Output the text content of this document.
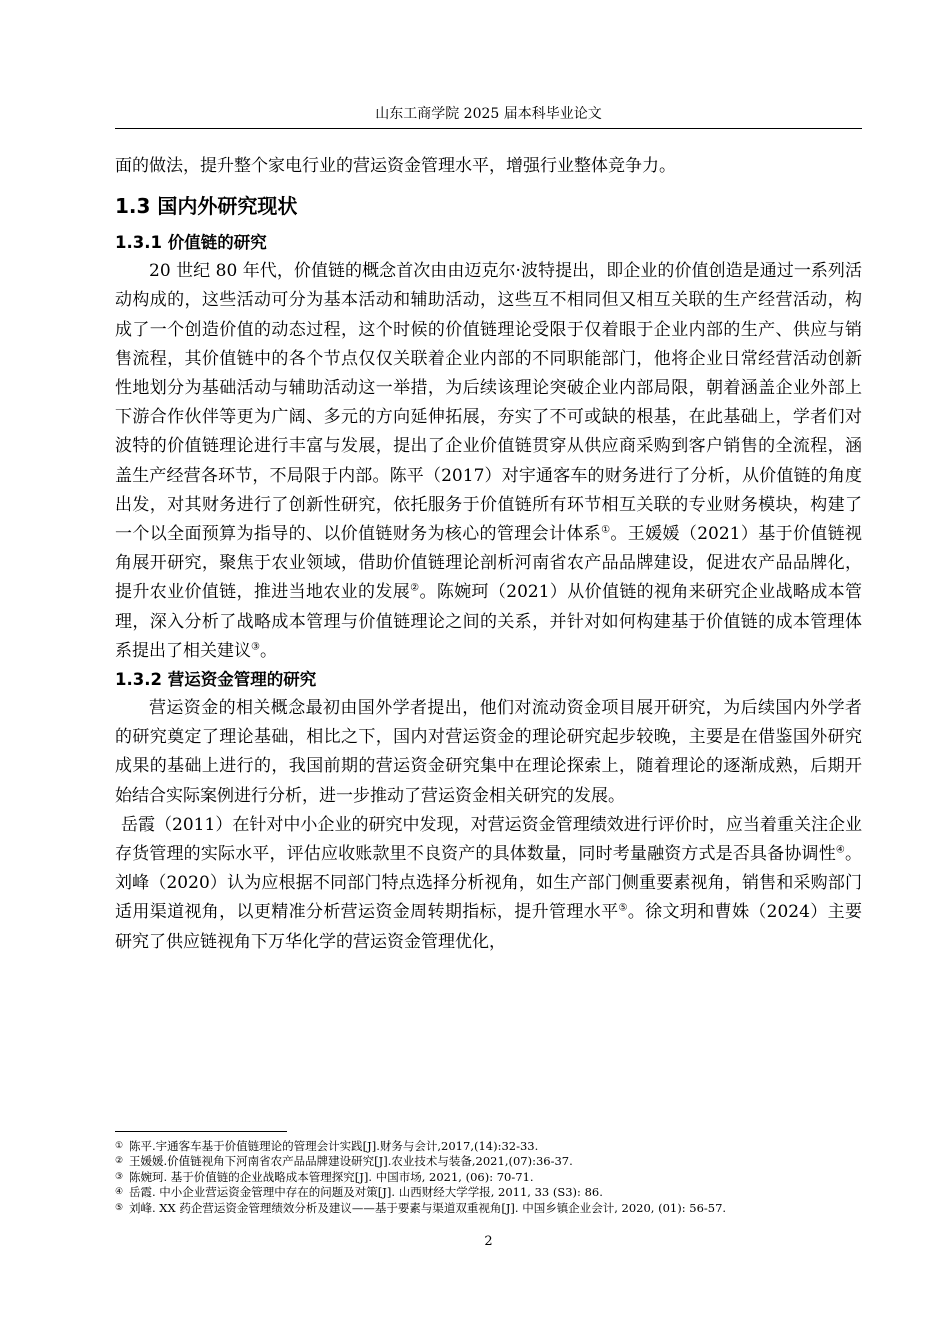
山东工商学院 2025 届本科毕业论文

面的做法，提升整个家电行业的营运资金管理水平，增强行业整体竞争力。

1.3 国内外研究现状
1.3.1 价值链的研究

20 世纪 80 年代，价值链的概念首次由由迈克尔·波特提出，即企业的价值创造是通过一系列活动构成的，这些活动可分为基本活动和辅助活动，这些互不相同但又相互关联的生产经营活动，构成了一个创造价值的动态过程，这个时候的价值链理论受限于仅着眼于企业内部的生产、供应与销售流程，其价值链中的各个节点仅仅关联着企业内部的不同职能部门，他将企业日常经营活动创新性地划分为基础活动与辅助活动这一举措，为后续该理论突破企业内部局限，朝着涵盖企业外部上下游合作伙伴等更为广阔、多元的方向延伸拓展，夯实了不可或缺的根基，在此基础上，学者们对波特的价值链理论进行丰富与发展，提出了企业价值链贯穿从供应商采购到客户销售的全流程，涵盖生产经营各环节，不局限于内部。陈平（2017）对宇通客车的财务进行了分析，从价值链的角度出发，对其财务进行了创新性研究，依托服务于价值链所有环节相互关联的专业财务模块，构建了一个以全面预算为指导的、以价值链财务为核心的管理会计体系①。王媛媛（2021）基于价值链视角展开研究，聚焦于农业领域，借助价值链理论剖析河南省农产品品牌建设，促进农产品品牌化，提升农业价值链，推进当地农业的发展②。陈婉珂（2021）从价值链的视角来研究企业战略成本管理，深入分析了战略成本管理与价值链理论之间的关系，并针对如何构建基于价值链的成本管理体系提出了相关建议③。

1.3.2 营运资金管理的研究

营运资金的相关概念最初由国外学者提出，他们对流动资金项目展开研究，为后续国内外学者的研究奠定了理论基础，相比之下，国内对营运资金的理论研究起步较晚，主要是在借鉴国外研究成果的基础上进行的，我国前期的营运资金研究集中在理论探索上，随着理论的逐渐成熟，后期开始结合实际案例进行分析，进一步推动了营运资金相关研究的发展。

岳霞（2011）在针对中小企业的研究中发现，对营运资金管理绩效进行评价时，应当着重关注企业存货管理的实际水平，评估应收账款里不良资产的具体数量，同时考量融资方式是否具备协调性④。刘峰（2020）认为应根据不同部门特点选择分析视角，如生产部门侧重要素视角，销售和采购部门适用渠道视角，以更精准分析营运资金周转期指标，提升管理水平⑤。徐文玥和曹姝（2024）主要研究了供应链视角下万华化学的营运资金管理优化，

① 陈平.宇通客车基于价值链理论的管理会计实践[J].财务与会计,2017,(14):32-33.
② 王媛媛.价值链视角下河南省农产品品牌建设研究[J].农业技术与装备,2021,(07):36-37.
③ 陈婉珂. 基于价值链的企业战略成本管理探究[J]. 中国市场, 2021, (06): 70-71.
④ 岳霞. 中小企业营运资金管理中存在的问题及对策[J]. 山西财经大学学报, 2011, 33 (S3): 86.
⑤ 刘峰. XX 药企营运资金管理绩效分析及建议——基于要素与渠道双重视角[J]. 中国乡镇企业会计, 2020, (01): 56-57.
2
